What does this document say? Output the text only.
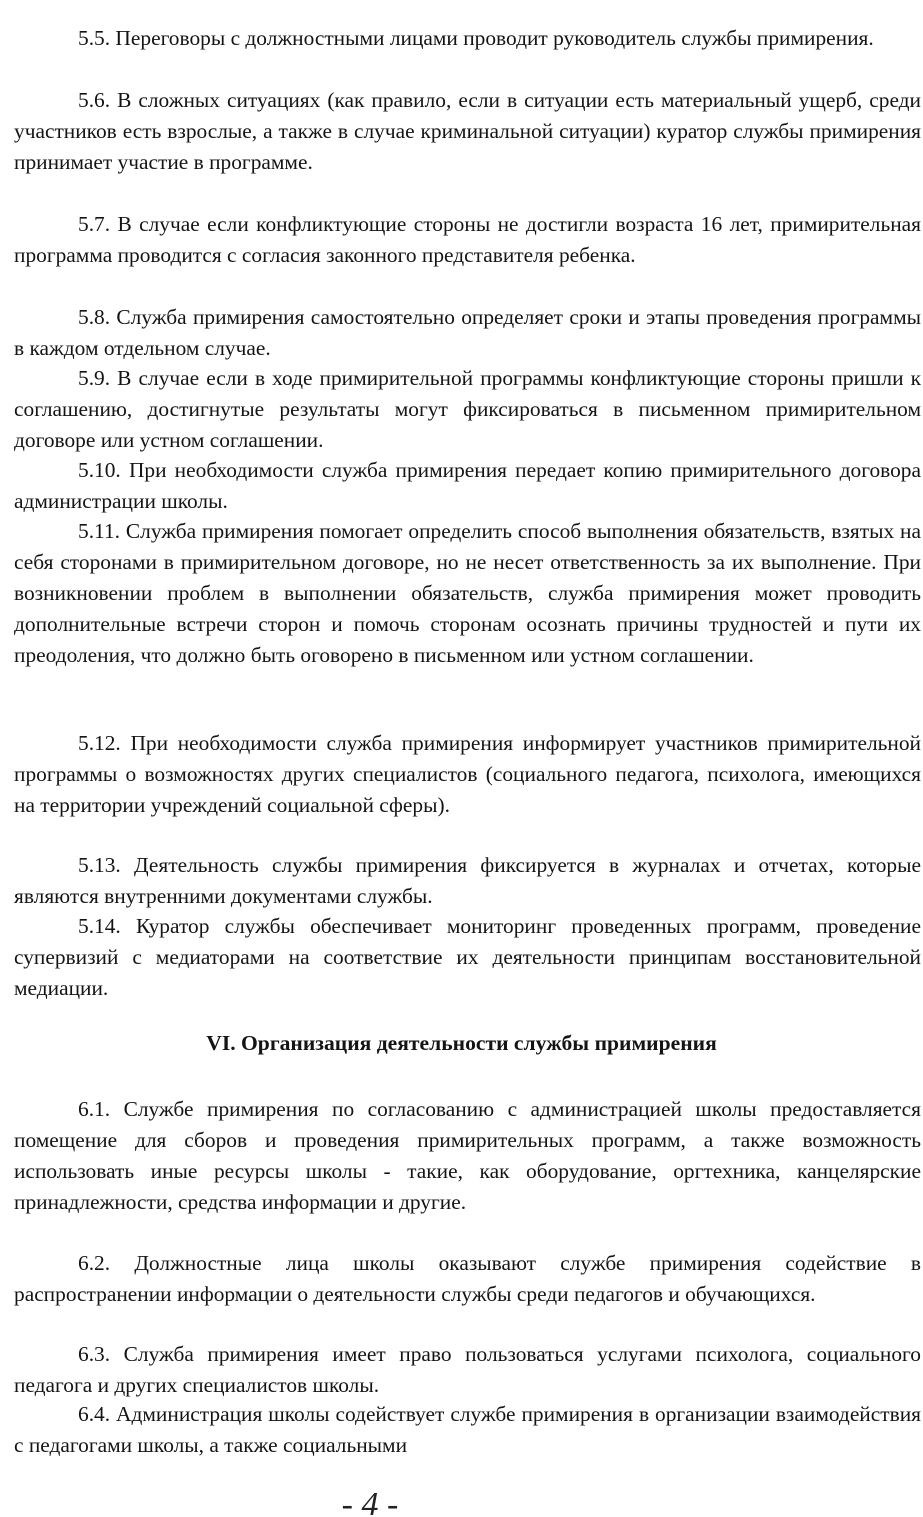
5.5. Переговоры с должностными лицами проводит руководитель службы примирения.

5.6. В сложных ситуациях (как правило, если в ситуации есть материальный ущерб, среди участников есть взрослые, а также в случае криминальной ситуации) куратор службы примирения принимает участие в программе.

5.7. В случае если конфликтующие стороны не достигли возраста 16 лет, примирительная программа проводится с согласия законного представителя ребенка.

5.8. Служба примирения самостоятельно определяет сроки и этапы проведения программы в каждом отдельном случае.

5.9. В случае если в ходе примирительной программы конфликтующие стороны пришли к соглашению, достигнутые результаты могут фиксироваться в письменном примирительном договоре или устном соглашении.

5.10. При необходимости служба примирения передает копию примирительного договора администрации школы.

5.11. Служба примирения помогает определить способ выполнения обязательств, взятых на себя сторонами в примирительном договоре, но не несет ответственность за их выполнение. При возникновении проблем в выполнении обязательств, служба примирения может проводить дополнительные встречи сторон и помочь сторонам осознать причины трудностей и пути их преодоления, что должно быть оговорено в письменном или устном соглашении.

5.12. При необходимости служба примирения информирует участников примирительной программы о возможностях других специалистов (социального педагога, психолога, имеющихся на территории учреждений социальной сферы).

5.13. Деятельность службы примирения фиксируется в журналах и отчетах, которые являются внутренними документами службы.

5.14. Куратор службы обеспечивает мониторинг проведенных программ, проведение супервизий с медиаторами на соответствие их деятельности принципам восстановительной медиации.

VI. Организация деятельности службы примирения

6.1. Службе примирения по согласованию с администрацией школы предоставляется помещение для сборов и проведения примирительных программ, а также возможность использовать иные ресурсы школы - такие, как оборудование, оргтехника, канцелярские принадлежности, средства информации и другие.

6.2. Должностные лица школы оказывают службе примирения содействие в распространении информации о деятельности службы среди педагогов и обучающихся.

6.3. Служба примирения имеет право пользоваться услугами психолога, социального педагога и других специалистов школы.

6.4. Администрация школы содействует службе примирения в организации взаимодействия с педагогами школы, а также социальными

- 4 -
